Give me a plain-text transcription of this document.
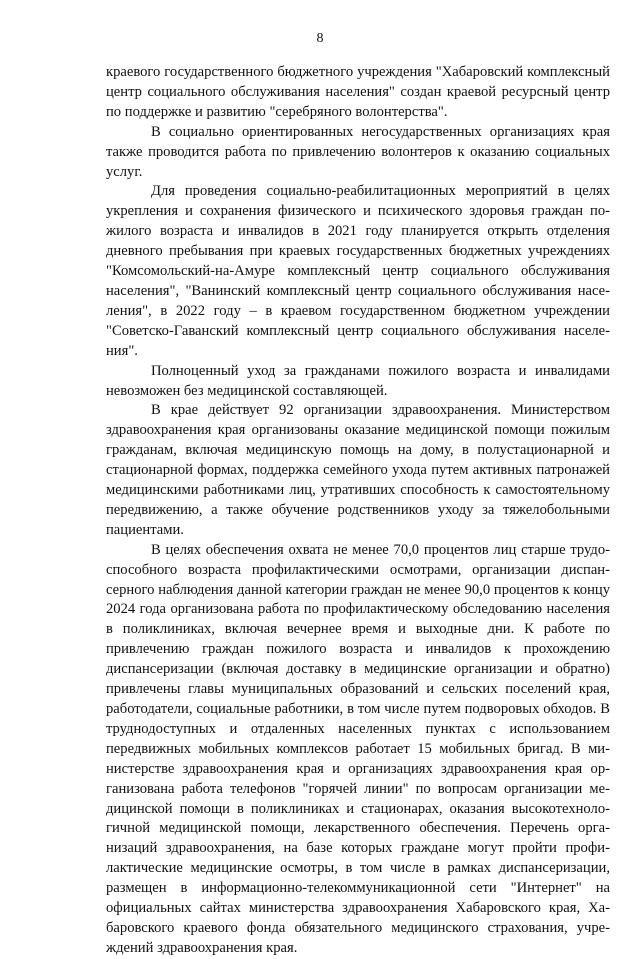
8

краевого государственного бюджетного учреждения "Хабаровский комплексный центр социального обслуживания населения" создан краевой ресурсный центр по поддержке и развитию "серебряного волонтерства".

В социально ориентированных негосударственных организациях края также проводится работа по привлечению волонтеров к оказанию социальных услуг.

Для проведения социально-реабилитационных мероприятий в целях укрепления и сохранения физического и психического здоровья граждан пожилого возраста и инвалидов в 2021 году планируется открыть отделения дневного пребывания при краевых государственных бюджетных учреждениях "Комсомольский-на-Амуре комплексный центр социального обслуживания населения", "Ванинский комплексный центр социального обслуживания населения", в 2022 году – в краевом государственном бюджетном учреждении "Советско-Гаванский комплексный центр социального обслуживания населения".

Полноценный уход за гражданами пожилого возраста и инвалидами невозможен без медицинской составляющей.

В крае действует 92 организации здравоохранения. Министерством здравоохранения края организованы оказание медицинской помощи пожилым гражданам, включая медицинскую помощь на дому, в полустационарной и стационарной формах, поддержка семейного ухода путем активных патронажей медицинскими работниками лиц, утративших способность к самостоятельному передвижению, а также обучение родственников уходу за тяжелобольными пациентами.

В целях обеспечения охвата не менее 70,0 процентов лиц старше трудоспособного возраста профилактическими осмотрами, организации диспансерного наблюдения данной категории граждан не менее 90,0 процентов к концу 2024 года организована работа по профилактическому обследованию населения в поликлиниках, включая вечернее время и выходные дни. К работе по привлечению граждан пожилого возраста и инвалидов к прохождению диспансеризации (включая доставку в медицинские организации и обратно) привлечены главы муниципальных образований и сельских поселений края, работодатели, социальные работники, в том числе путем подворовых обходов. В труднодоступных и отдаленных населенных пунктах с использованием передвижных мобильных комплексов работает 15 мобильных бригад. В министерстве здравоохранения края и организациях здравоохранения края организована работа телефонов "горячей линии" по вопросам организации медицинской помощи в поликлиниках и стационарах, оказания высокотехнологичной медицинской помощи, лекарственного обеспечения. Перечень организаций здравоохранения, на базе которых граждане могут пройти профилактические медицинские осмотры, в том числе в рамках диспансеризации, размещен в информационно-телекоммуникационной сети "Интернет" на официальных сайтах министерства здравоохранения Хабаровского края, Хабаровского краевого фонда обязательного медицинского страхования, учреждений здравоохранения края.
